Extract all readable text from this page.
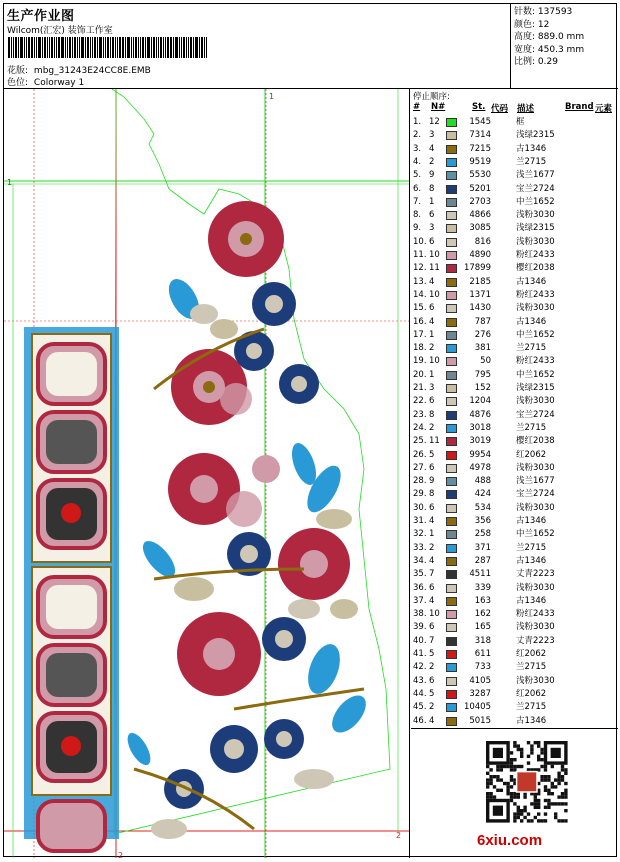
生产作业图
Wilcom(汇宏) 装饰工作室
花版: mbg_31243E24CC8E.EMB
色位: Colorway 1
针数: 137593
颜色: 12
高度: 889.0 mm
宽度: 450.3 mm
比例: 0.29
1
1
2
2
停止顺序:
# N#	St. 代码 描述	Brand 元素
1. 12	1545	框
2. 3	7314	浅绿2315
3. 4	7215	古1346
4. 2	9519	兰2715
5. 9	5530	浅兰1677
6. 8	5201	宝兰2724
7. 1	2703	中兰1652
8. 6	4866	浅粉3030
9. 3	3085	浅绿2315
10. 6	816	浅粉3030
11. 10	4890	粉红2433
12. 11	17899	樱红2038
13. 4	2185	古1346
14. 10	1371	粉红2433
15. 6	1430	浅粉3030
16. 4	787	古1346
17. 1	276	中兰1652
18. 2	381	兰2715
19. 10	50	粉红2433
20. 1	795	中兰1652
21. 3	152	浅绿2315
22. 6	1204	浅粉3030
23. 8	4876	宝兰2724
24. 2	3018	兰2715
25. 11	3019	樱红2038
26. 5	9954	红2062
27. 6	4978	浅粉3030
28. 9	488	浅兰1677
29. 8	424	宝兰2724
30. 6	534	浅粉3030
31. 4	356	古1346
32. 1	258	中兰1652
33. 2	371	兰2715
34. 4	287	古1346
35. 7	4511	丈青2223
36. 6	339	浅粉3030
37. 4	163	古1346
38. 10	162	粉红2433
39. 6	165	浅粉3030
40. 7	318	丈青2223
41. 5	611	红2062
42. 2	733	兰2715
43. 6	4105	浅粉3030
44. 5	3287	红2062
45. 2	10405	兰2715
46. 4	5015	古1346
6xiu.com
